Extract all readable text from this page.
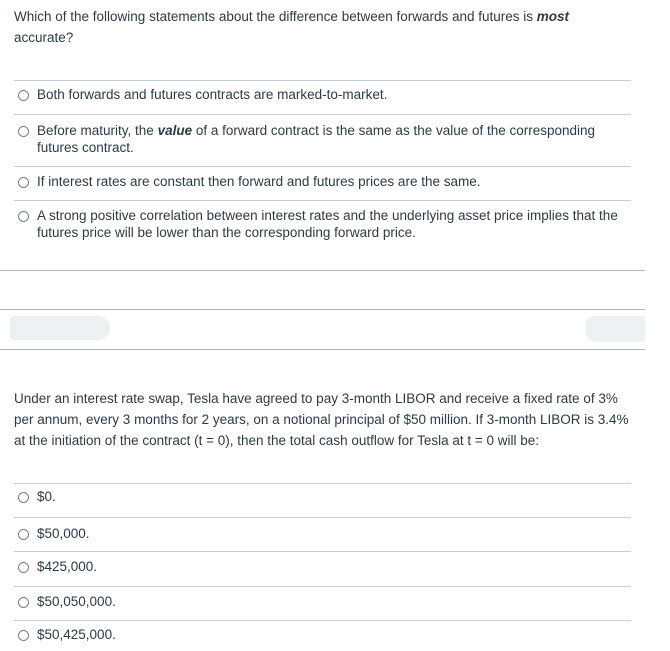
Which of the following statements about the difference between forwards and futures is most accurate?
Both forwards and futures contracts are marked-to-market.
Before maturity, the value of a forward contract is the same as the value of the corresponding futures contract.
If interest rates are constant then forward and futures prices are the same.
A strong positive correlation between interest rates and the underlying asset price implies that the futures price will be lower than the corresponding forward price.
Under an interest rate swap, Tesla have agreed to pay 3-month LIBOR and receive a fixed rate of 3% per annum, every 3 months for 2 years, on a notional principal of $50 million. If 3-month LIBOR is 3.4% at the initiation of the contract (t = 0), then the total cash outflow for Tesla at t = 0 will be:
$0.
$50,000.
$425,000.
$50,050,000.
$50,425,000.
